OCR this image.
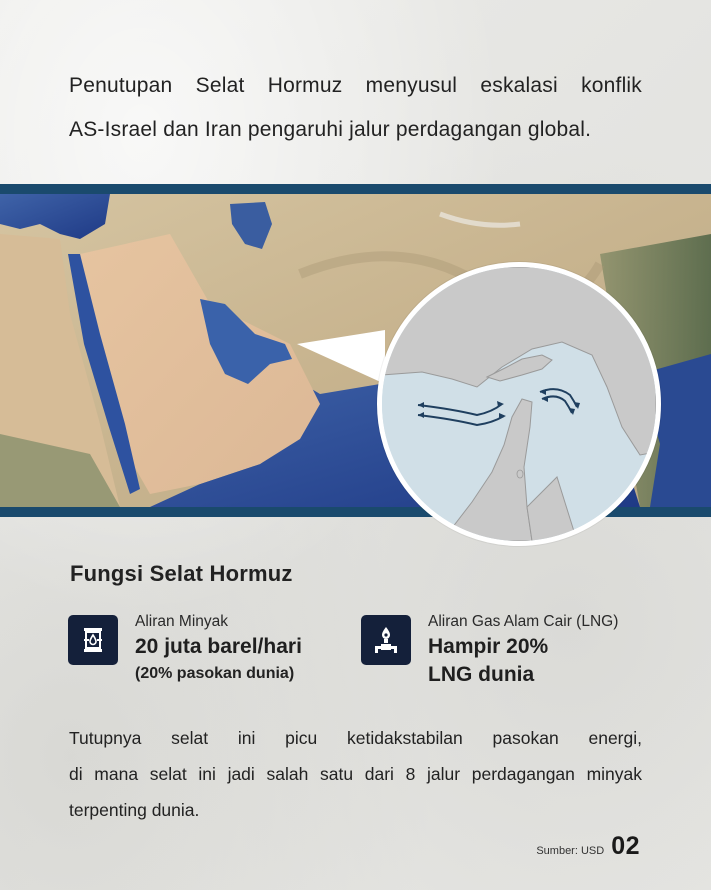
Penutupan Selat Hormuz menyusul eskalasi konflik
AS-Israel dan Iran pengaruhi jalur perdagangan global.
Fungsi Selat Hormuz
Aliran Minyak
20 juta barel/hari
(20% pasokan dunia)
Aliran Gas Alam Cair (LNG)
Hampir 20%
LNG dunia
Tutupnya selat ini picu ketidakstabilan pasokan energi,
di mana selat ini jadi salah satu dari 8 jalur perdagangan minyak
terpenting dunia.
Sumber: USD 02
